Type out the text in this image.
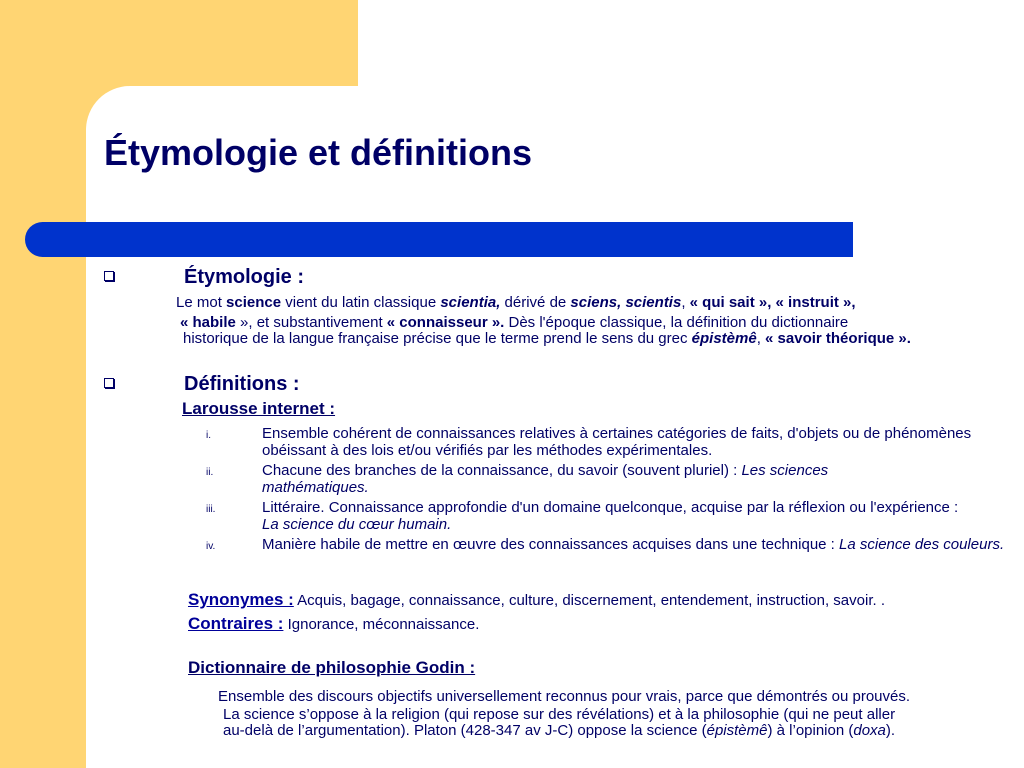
Étymologie et définitions
Étymologie :
Le mot science vient du latin classique scientia, dérivé de sciens, scientis, « qui sait », « instruit »,
« habile », et substantivement « connaisseur ». Dès l'époque classique, la définition du dictionnaire
historique de la langue française précise que le terme prend le sens du grec épistèmê, « savoir théorique ».
Définitions :
Larousse internet :
i.	Ensemble cohérent de connaissances relatives à certaines catégories de faits, d'objets ou de phénomènes obéissant à des lois et/ou vérifiés par les méthodes expérimentales.
ii.	Chacune des branches de la connaissance, du savoir (souvent pluriel) : Les sciences mathématiques.
iii.	Littéraire. Connaissance approfondie d'un domaine quelconque, acquise par la réflexion ou l'expérience : La science du cœur humain.
iv.	Manière habile de mettre en œuvre des connaissances acquises dans une technique : La science des couleurs.
Synonymes : Acquis, bagage, connaissance, culture, discernement, entendement, instruction, savoir. .
Contraires : Ignorance, méconnaissance.
Dictionnaire de philosophie Godin :
Ensemble des discours objectifs universellement reconnus pour vrais, parce que démontrés ou prouvés.
La science s’oppose à la religion (qui repose sur des révélations) et à la philosophie (qui ne peut aller
au-delà de l’argumentation). Platon (428-347 av J-C) oppose la science (épistèmê) à l’opinion (doxa).
